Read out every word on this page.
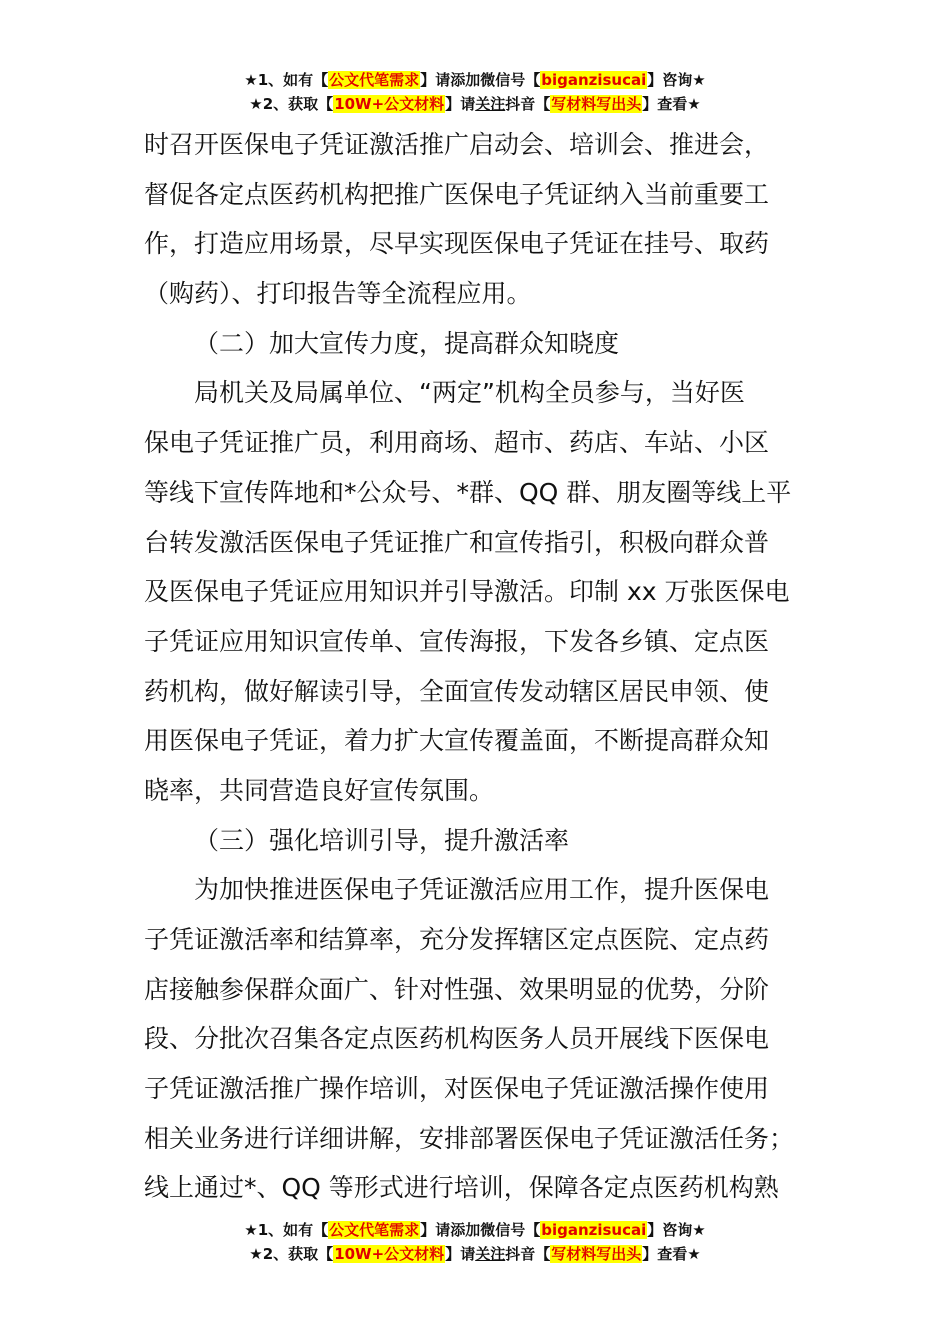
★1、如有【公文代笔需求】请添加微信号【biganzisucai】咨询★
★2、获取【10W+公文材料】请关注抖音【写材料写出头】查看★
时召开医保电子凭证激活推广启动会、培训会、推进会，
督促各定点医药机构把推广医保电子凭证纳入当前重要工
作，打造应用场景，尽早实现医保电子凭证在挂号、取药
（购药）、打印报告等全流程应用。
（二）加大宣传力度，提高群众知晓度
局机关及局属单位、“两定”机构全员参与，当好医
保电子凭证推广员，利用商场、超市、药店、车站、小区
等线下宣传阵地和*公众号、*群、QQ 群、朋友圈等线上平
台转发激活医保电子凭证推广和宣传指引，积极向群众普
及医保电子凭证应用知识并引导激活。印制 xx 万张医保电
子凭证应用知识宣传单、宣传海报，下发各乡镇、定点医
药机构，做好解读引导，全面宣传发动辖区居民申领、使
用医保电子凭证，着力扩大宣传覆盖面，不断提高群众知
晓率，共同营造良好宣传氛围。
（三）强化培训引导，提升激活率
为加快推进医保电子凭证激活应用工作，提升医保电
子凭证激活率和结算率，充分发挥辖区定点医院、定点药
店接触参保群众面广、针对性强、效果明显的优势，分阶
段、分批次召集各定点医药机构医务人员开展线下医保电
子凭证激活推广操作培训，对医保电子凭证激活操作使用
相关业务进行详细讲解，安排部署医保电子凭证激活任务；
线上通过*、QQ 等形式进行培训，保障各定点医药机构熟
★1、如有【公文代笔需求】请添加微信号【biganzisucai】咨询★
★2、获取【10W+公文材料】请关注抖音【写材料写出头】查看★
